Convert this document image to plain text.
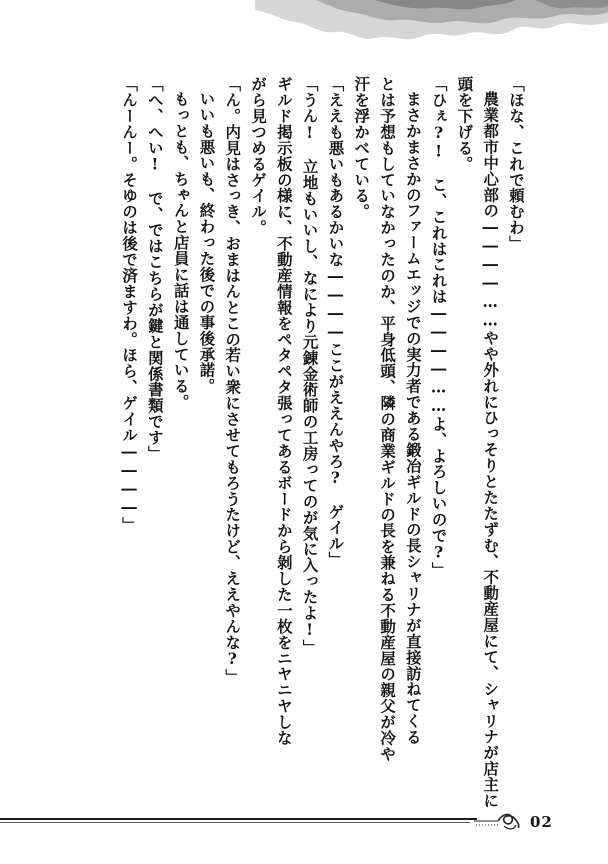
「ほな、これで頼むわ」
農業都市中心部の――――……やや外れにひっそりとたたずむ、不動産屋にて、シャリナが店主に
頭を下げる。
「ひぇ?!　こ、これはこれは――――……よ、よろしいので?」
まさかまさかのファームエッジでの実力者である鍛冶ギルドの長シャリナが直接訪ねてくる
とは予想もしていなかったのか、平身低頭、隣の商業ギルドの長を兼ねる不動産屋の親父が冷や
汗を浮かべている。
「ええも悪いもあるかいな――――ここがええんやろ?　ゲイル」
「うん!　立地もいいし、なにより元錬金術師の工房ってのが気に入ったよ!」
ギルド掲示板の様に、不動産情報をペタペタ張ってあるボードから剝した一枚をニヤニヤしな
がら見つめるゲイル。
「ん。内見はさっき、おまはんとこの若い衆にさせてもろうたけど、ええやんな?」
いいも悪いも、終わった後での事後承諾。
もっとも、ちゃんと店員に話は通している。
「へ、へい!　で、ではこちらが鍵と関係書類です」
「んーんー。そゆのは後で済ますわ。ほら、ゲイル――――」
02
